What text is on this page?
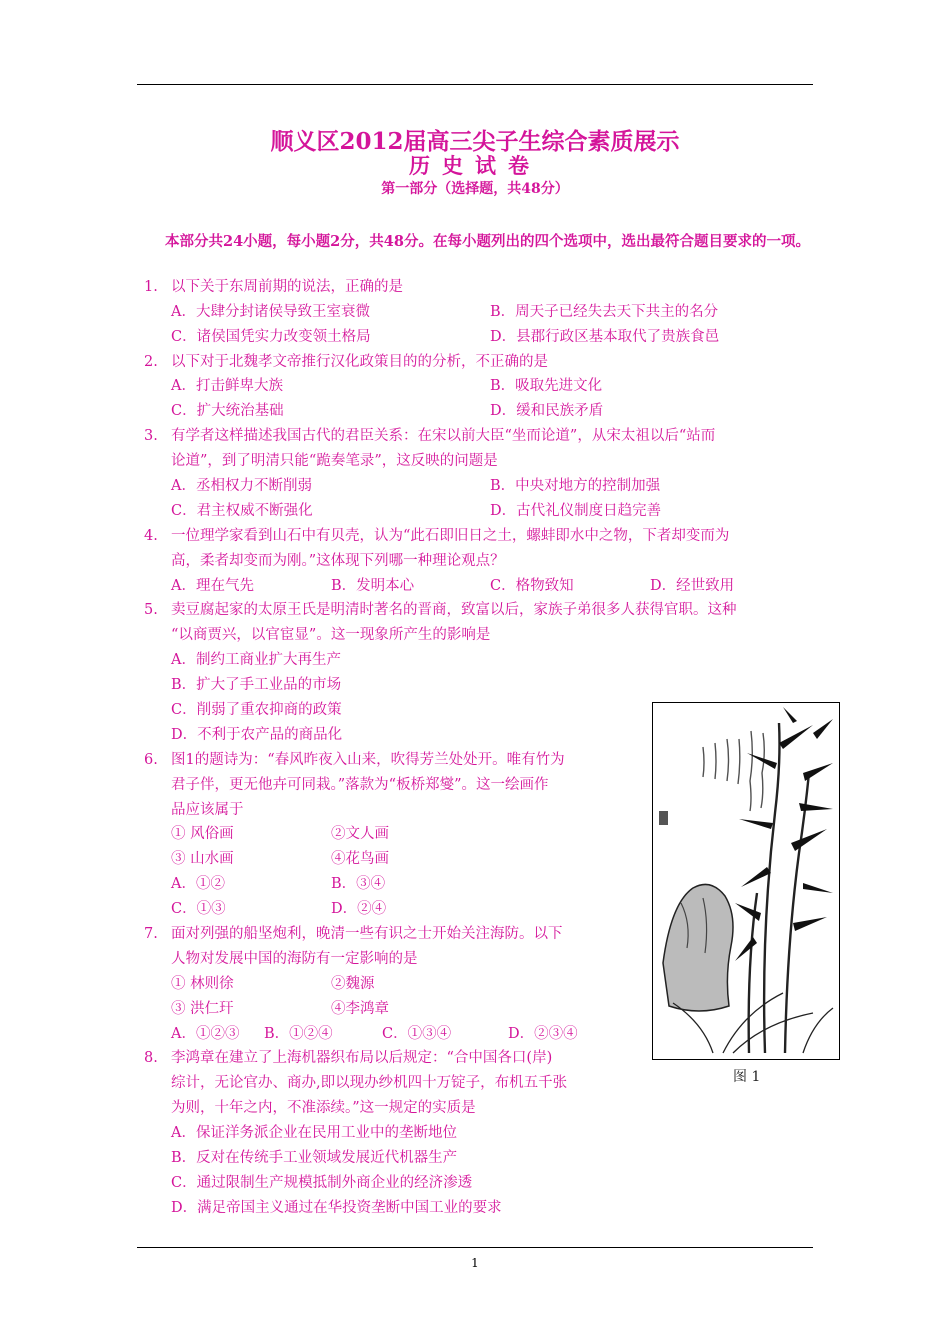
顺义区2012届高三尖子生综合素质展示
历史试卷
第一部分（选择题，共48分）
本部分共24小题，每小题2分，共48分。在每小题列出的四个选项中，选出最符合题目要求的一项。
1. 以下关于东周前期的说法，正确的是
A．大肆分封诸侯导致王室衰微	B．周天子已经失去天下共主的名分
C．诸侯国凭实力改变领土格局	D．县郡行政区基本取代了贵族食邑
2. 以下对于北魏孝文帝推行汉化政策目的的分析，不正确的是
A．打击鲜卑大族	B．吸取先进文化
C．扩大统治基础	D．缓和民族矛盾
3. 有学者这样描述我国古代的君臣关系：在宋以前大臣“坐而论道”，从宋太祖以后“站而
论道”，到了明清只能“跪奏笔录”，这反映的问题是
A．丞相权力不断削弱	B．中央对地方的控制加强
C．君主权威不断强化	D．古代礼仪制度日趋完善
4. 一位理学家看到山石中有贝壳，认为“此石即旧日之土，螺蚌即水中之物，下者却变而为
高，柔者却变而为刚。”这体现下列哪一种理论观点？
A．理在气先	B．发明本心	C．格物致知	D．经世致用
5. 卖豆腐起家的太原王氏是明清时著名的晋商，致富以后，家族子弟很多人获得官职。这种
“以商贾兴，以官宦显”。这一现象所产生的影响是
A．制约工商业扩大再生产
B．扩大了手工业品的市场
C．削弱了重农抑商的政策
D．不利于农产品的商品化
6. 图1的题诗为：“春风昨夜入山来，吹得芳兰处处开。唯有竹为
君子伴，更无他卉可同栽。”落款为“板桥郑燮”。这一绘画作
品应该属于
① 风俗画	②文人画
③ 山水画	④花鸟画
A．①②	B．③④
C．①③	D．②④
7. 面对列强的船坚炮利，晚清一些有识之士开始关注海防。以下
人物对发展中国的海防有一定影响的是
① 林则徐	②魏源
③ 洪仁玕	④李鸿章
A．①②③ B．①②④	C．①③④	D．②③④
8. 李鸿章在建立了上海机器织布局以后规定：“合中国各口(岸)
综计，无论官办、商办,即以现办纱机四十万锭子，布机五千张
为则，十年之内，不准添续。”这一规定的实质是
A．保证洋务派企业在民用工业中的垄断地位
B．反对在传统手工业领域发展近代机器生产
C．通过限制生产规模抵制外商企业的经济渗透
D．满足帝国主义通过在华投资垄断中国工业的要求
图 1
1
